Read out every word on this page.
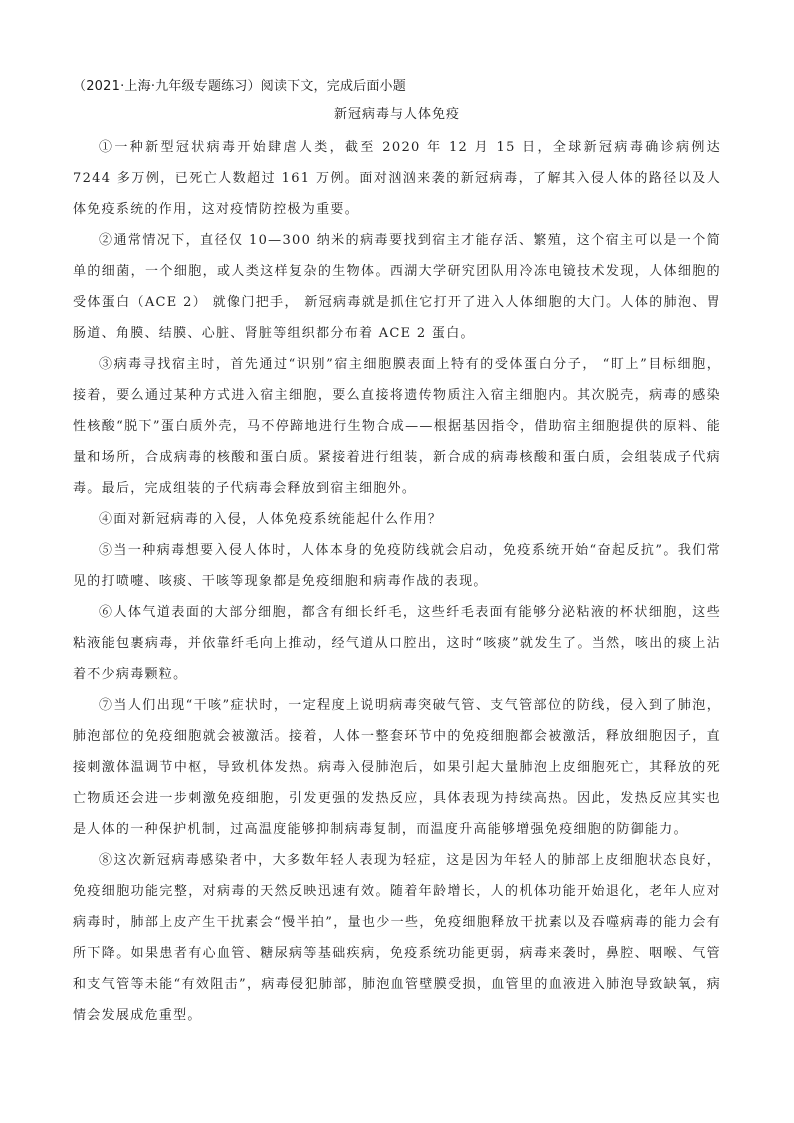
（2021·上海·九年级专题练习）阅读下文，完成后面小题

新冠病毒与人体免疫

①一种新型冠状病毒开始肆虐人类，截至 2020 年 12 月 15 日，全球新冠病毒确诊病例达 7244 多万例，已死亡人数超过 161 万例。面对汹汹来袭的新冠病毒，了解其入侵人体的路径以及人体免疫系统的作用，这对疫情防控极为重要。

②通常情况下，直径仅 10—300 纳米的病毒要找到宿主才能存活、繁殖，这个宿主可以是一个简单的细菌，一个细胞，或人类这样复杂的生物体。西湖大学研究团队用冷冻电镜技术发现，人体细胞的受体蛋白（ACE 2） 就像门把手， 新冠病毒就是抓住它打开了进入人体细胞的大门。人体的肺泡、胃肠道、角膜、结膜、心脏、肾脏等组织都分布着 ACE 2 蛋白。

③病毒寻找宿主时，首先通过“识别”宿主细胞膜表面上特有的受体蛋白分子， “盯上”目标细胞，接着，要么通过某种方式进入宿主细胞，要么直接将遗传物质注入宿主细胞内。其次脱壳，病毒的感染性核酸“脱下”蛋白质外壳，马不停蹄地进行生物合成——根据基因指令，借助宿主细胞提供的原料、能量和场所，合成病毒的核酸和蛋白质。紧接着进行组装，新合成的病毒核酸和蛋白质，会组装成子代病毒。最后，完成组装的子代病毒会释放到宿主细胞外。

④面对新冠病毒的入侵，人体免疫系统能起什么作用？

⑤当一种病毒想要入侵人体时，人体本身的免疫防线就会启动，免疫系统开始“奋起反抗”。我们常见的打喷嚏、咳痰、干咳等现象都是免疫细胞和病毒作战的表现。

⑥人体气道表面的大部分细胞，都含有细长纤毛，这些纤毛表面有能够分泌粘液的杯状细胞，这些粘液能包裹病毒，并依靠纤毛向上推动，经气道从口腔出，这时“咳痰”就发生了。当然，咳出的痰上沾着不少病毒颗粒。

⑦当人们出现“干咳”症状时，一定程度上说明病毒突破气管、支气管部位的防线，侵入到了肺泡，肺泡部位的免疫细胞就会被激活。接着，人体一整套环节中的免疫细胞都会被激活，释放细胞因子，直接刺激体温调节中枢，导致机体发热。病毒入侵肺泡后，如果引起大量肺泡上皮细胞死亡，其释放的死亡物质还会进一步刺激免疫细胞，引发更强的发热反应，具体表现为持续高热。因此，发热反应其实也是人体的一种保护机制，过高温度能够抑制病毒复制，而温度升高能够增强免疫细胞的防御能力。

⑧这次新冠病毒感染者中，大多数年轻人表现为轻症，这是因为年轻人的肺部上皮细胞状态良好，免疫细胞功能完整，对病毒的天然反映迅速有效。随着年龄增长，人的机体功能开始退化，老年人应对病毒时，肺部上皮产生干扰素会“慢半拍”，量也少一些，免疫细胞释放干扰素以及吞噬病毒的能力会有所下降。如果患者有心血管、糖尿病等基础疾病，免疫系统功能更弱，病毒来袭时，鼻腔、咽喉、气管和支气管等未能“有效阻击”，病毒侵犯肺部，肺泡血管壁膜受损，血管里的血液进入肺泡导致缺氧，病情会发展成危重型。
